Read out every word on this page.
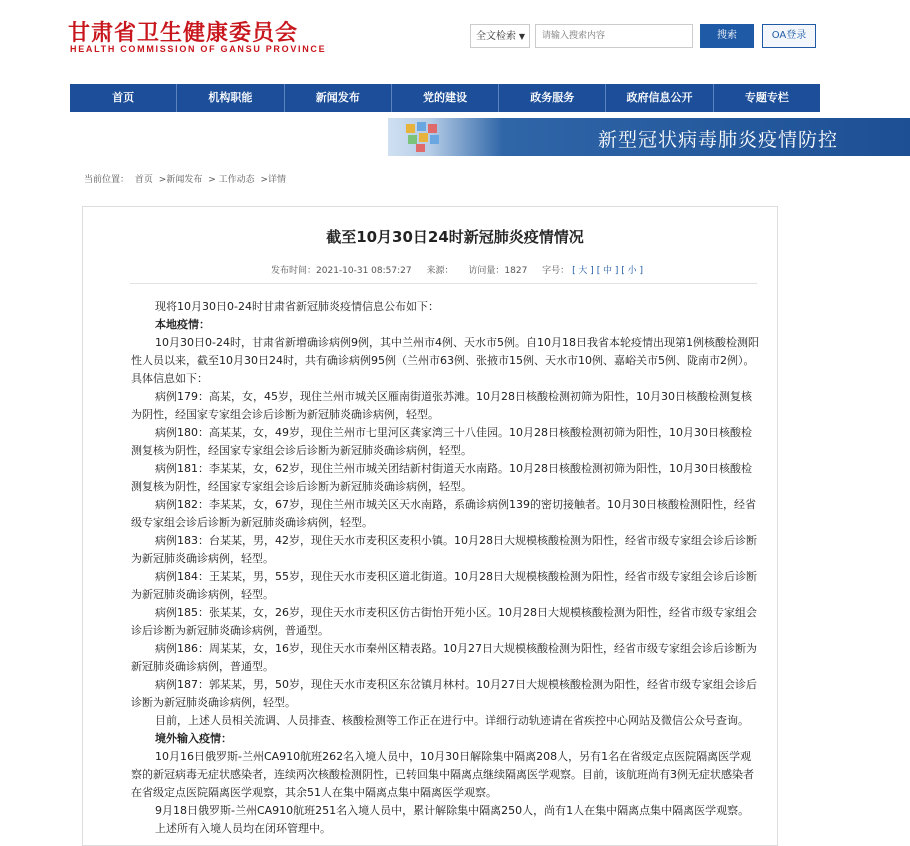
甘肃省卫生健康委员会
HEALTH COMMISSION OF GANSU PROVINCE
全文检索 ▼
请输入搜索内容	搜索	OA登录
首页	机构职能	新闻发布	党的建设	政务服务	政府信息公开	专题专栏
面试通知	新型冠状病毒肺炎疫情防控
当前位置： 首页 >新闻发布 > 工作动态 >详情
截至10月30日24时新冠肺炎疫情情况
发布时间：2021-10-31 08:57:27 来源： 访问量：1827 字号： [ 大 ] [ 中 ] [ 小 ]

现将10月30日0-24时甘肃省新冠肺炎疫情信息公布如下：

本地疫情：

10月30日0-24时，甘肃省新增确诊病例9例，其中兰州市4例、天水市5例。自10月18日我省本轮疫情出现第1例核酸检测阳性人员以来，截至10月30日24时，共有确诊病例95例（兰州市63例、张掖市15例、天水市10例、嘉峪关市5例、陇南市2例）。具体信息如下：

病例179：高某，女，45岁，现住兰州市城关区雁南街道张苏滩。10月28日核酸检测初筛为阳性，10月30日核酸检测复核为阴性，经国家专家组会诊后诊断为新冠肺炎确诊病例，轻型。

病例180：高某某，女，49岁，现住兰州市七里河区龚家湾三十八佳园。10月28日核酸检测初筛为阳性，10月30日核酸检测复核为阴性，经国家专家组会诊后诊断为新冠肺炎确诊病例，轻型。

病例181：李某某，女，62岁，现住兰州市城关团结新村街道天水南路。10月28日核酸检测初筛为阳性，10月30日核酸检测复核为阴性，经国家专家组会诊后诊断为新冠肺炎确诊病例，轻型。

病例182：李某某，女，67岁，现住兰州市城关区天水南路，系确诊病例139的密切接触者。10月30日核酸检测阳性，经省级专家组会诊后诊断为新冠肺炎确诊病例，轻型。

病例183：台某某，男，42岁，现住天水市麦积区麦积小镇。10月28日大规模核酸检测为阳性，经省市级专家组会诊后诊断为新冠肺炎确诊病例，轻型。

病例184：王某某，男，55岁，现住天水市麦积区道北街道。10月28日大规模核酸检测为阳性，经省市级专家组会诊后诊断为新冠肺炎确诊病例，轻型。

病例185：张某某，女，26岁，现住天水市麦积区仿古街怡开苑小区。10月28日大规模核酸检测为阳性，经省市级专家组会诊后诊断为新冠肺炎确诊病例，普通型。

病例186：周某某，女，16岁，现住天水市秦州区精表路。10月27日大规模核酸检测为阳性，经省市级专家组会诊后诊断为新冠肺炎确诊病例，普通型。

病例187：郭某某，男，50岁，现住天水市麦积区东岔镇月林村。10月27日大规模核酸检测为阳性，经省市级专家组会诊后诊断为新冠肺炎确诊病例，轻型。

目前，上述人员相关流调、人员排查、核酸检测等工作正在进行中。详细行动轨迹请在省疾控中心网站及微信公众号查询。

境外输入疫情：

10月16日俄罗斯-兰州CA910航班262名入境人员中，10月30日解除集中隔离208人，另有1名在省级定点医院隔离医学观察的新冠病毒无症状感染者，连续两次核酸检测阴性，已转回集中隔离点继续隔离医学观察。目前，该航班尚有3例无症状感染者在省级定点医院隔离医学观察，其余51人在集中隔离点集中隔离医学观察。

9月18日俄罗斯-兰州CA910航班251名入境人员中，累计解除集中隔离250人，尚有1人在集中隔离点集中隔离医学观察。

上述所有入境人员均在闭环管理中。
